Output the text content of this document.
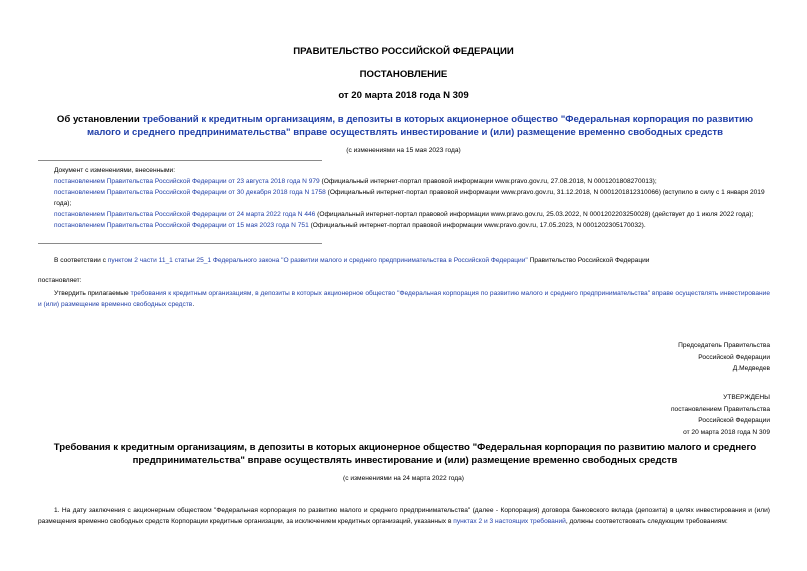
ПРАВИТЕЛЬСТВО РОССИЙСКОЙ ФЕДЕРАЦИИ
ПОСТАНОВЛЕНИЕ
от 20 марта 2018 года N 309
Об установлении требований к кредитным организациям, в депозиты в которых акционерное общество "Федеральная корпорация по развитию малого и среднего предпринимательства" вправе осуществлять инвестирование и (или) размещение временно свободных средств
(с изменениями на 15 мая 2023 года)

Документ с изменениями, внесенными:

постановлением Правительства Российской Федерации от 23 августа 2018 года N 979 (Официальный интернет-портал правовой информации www.pravo.gov.ru, 27.08.2018, N 0001201808270013);

постановлением Правительства Российской Федерации от 30 декабря 2018 года N 1758 (Официальный интернет-портал правовой информации www.pravo.gov.ru, 31.12.2018, N 0001201812310066) (вступило в силу с 1 января 2019 года);

постановлением Правительства Российской Федерации от 24 марта 2022 года N 446 (Официальный интернет-портал правовой информации www.pravo.gov.ru, 25.03.2022, N 0001202203250028) (действует до 1 июля 2022 года);

постановлением Правительства Российской Федерации от 15 мая 2023 года N 751 (Официальный интернет-портал правовой информации www.pravo.gov.ru, 17.05.2023, N 0001202305170032).

В соответствии с пунктом 2 части 11_1 статьи 25_1 Федерального закона "О развитии малого и среднего предпринимательства в Российской Федерации" Правительство Российской Федерации
постановляет:
Утвердить прилагаемые требования к кредитным организациям, в депозиты в которых акционерное общество "Федеральная корпорация по развитию малого и среднего предпринимательства" вправе осуществлять инвестирование и (или) размещение временно свободных средств.
Председатель Правительства
Российской Федерации
Д.Медведев
УТВЕРЖДЕНЫ
постановлением Правительства
Российской Федерации
от 20 марта 2018 года N 309
Требования к кредитным организациям, в депозиты в которых акционерное общество "Федеральная корпорация по развитию малого и среднего предпринимательства" вправе осуществлять инвестирование и (или) размещение временно свободных средств
(с изменениями на 24 марта 2022 года)
1. На дату заключения с акционерным обществом "Федеральная корпорация по развитию малого и среднего предпринимательства" (далее - Корпорация) договора банковского вклада (депозита) в целях инвестирования и (или) размещения временно свободных средств Корпорации кредитные организации, за исключением кредитных организаций, указанных в пунктах 2 и 3 настоящих требований, должны соответствовать следующим требованиям:
